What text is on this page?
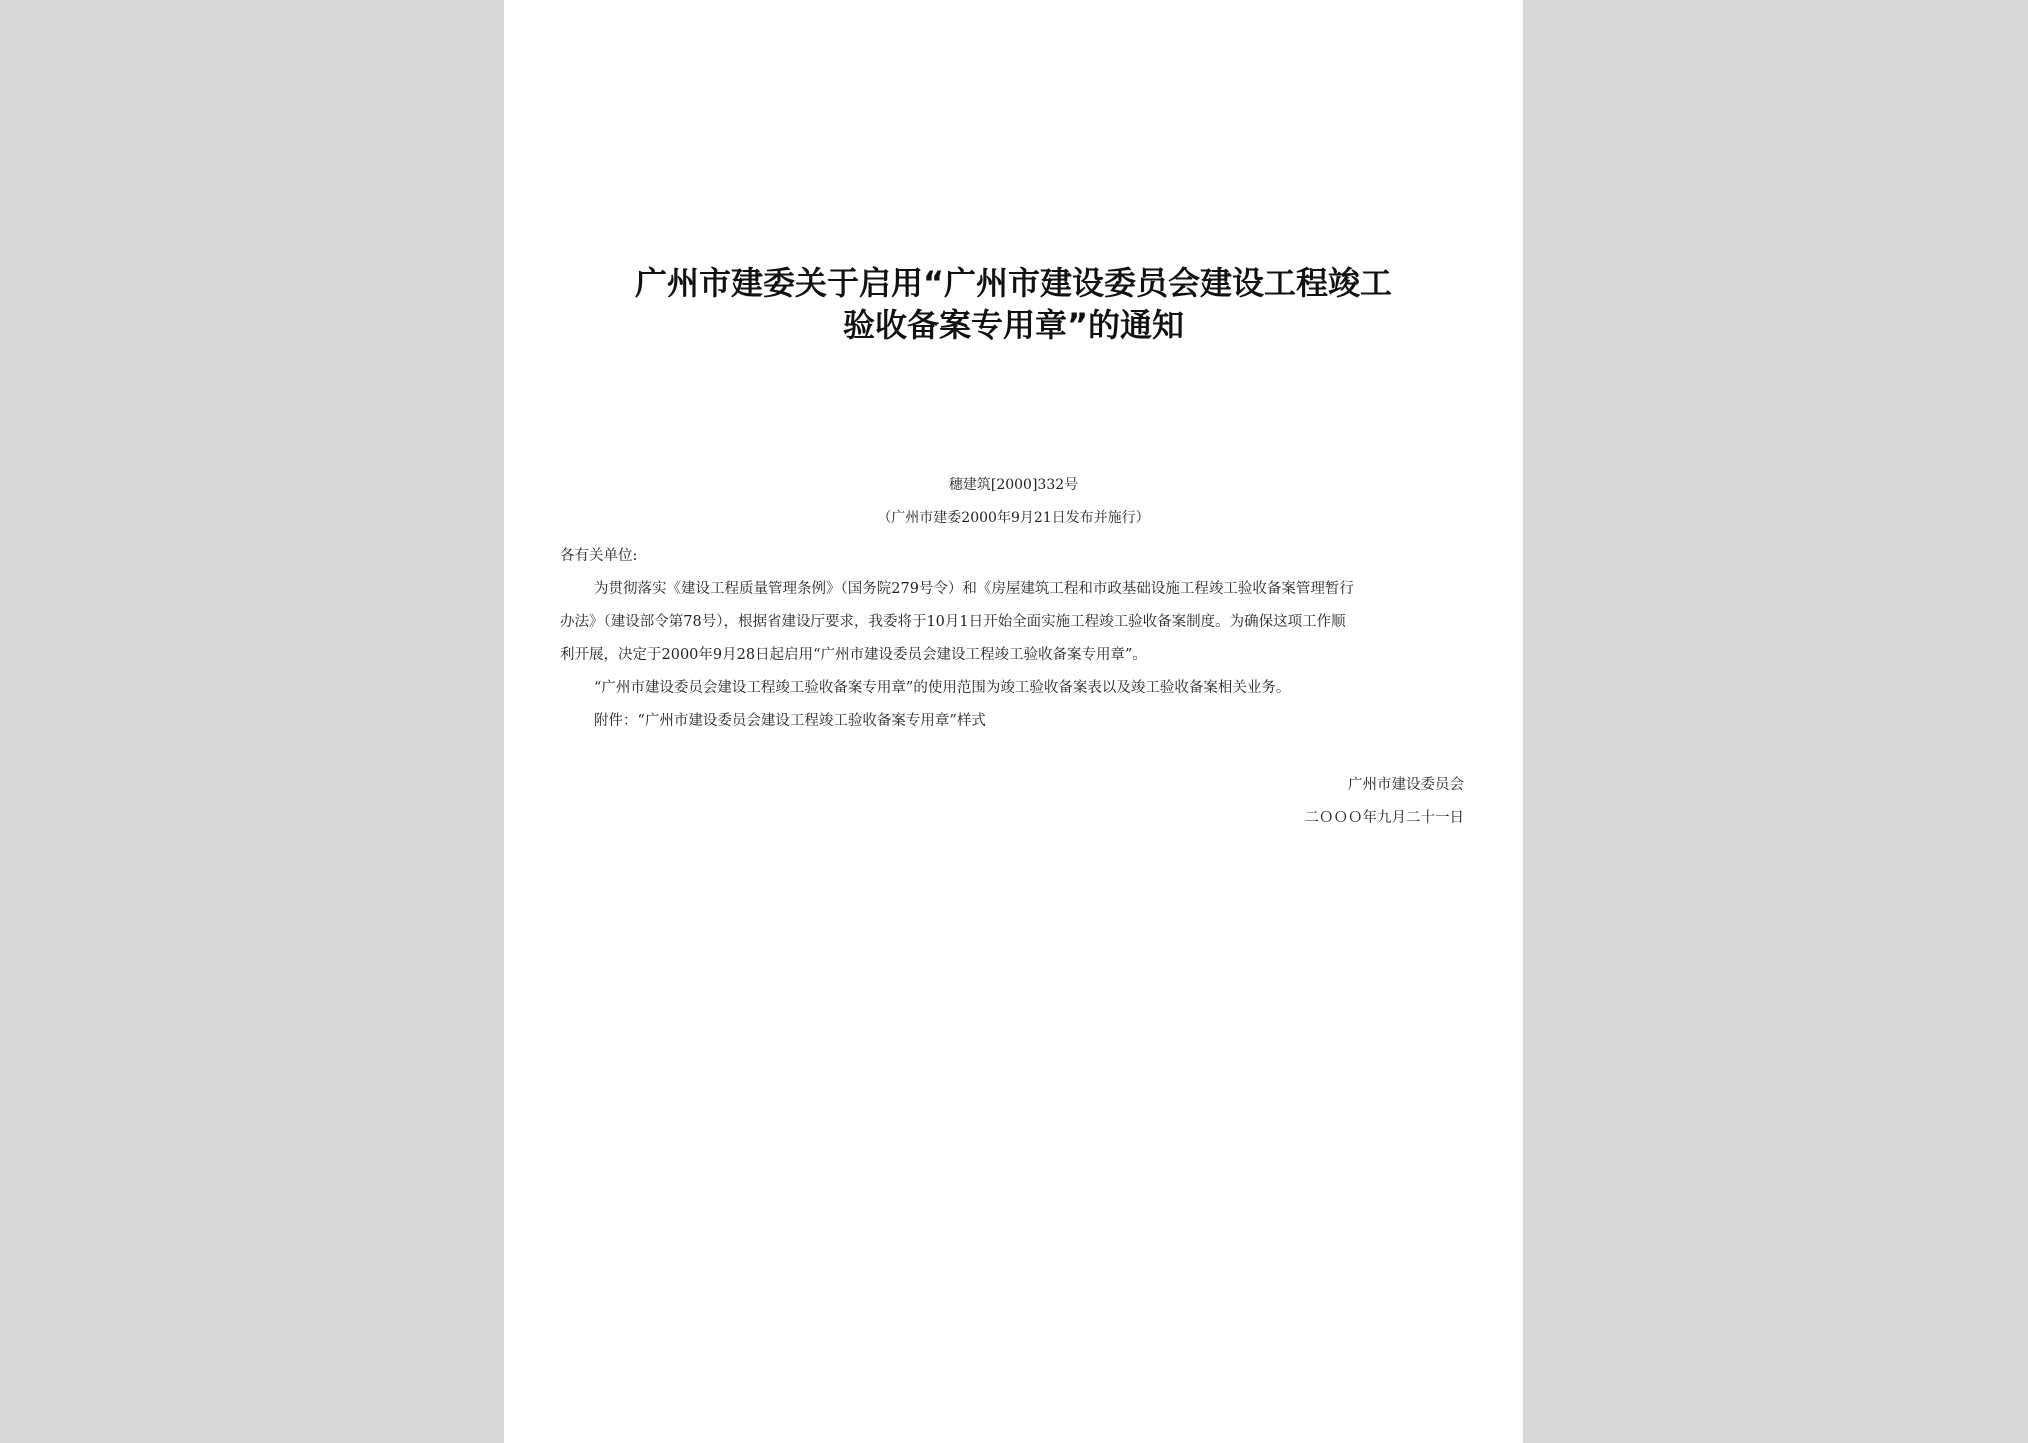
广州市建委关于启用“广州市建设委员会建设工程竣工
验收备案专用章”的通知
穗建筑[2000]332号
（广州市建委2000年9月21日发布并施行）

各有关单位:

为贯彻落实《建设工程质量管理条例》（国务院279号令）和《房屋建筑工程和市政基础设施工程竣工验收备案管理暂行

办法》（建设部令第78号），根据省建设厅要求，我委将于10月1日开始全面实施工程竣工验收备案制度。为确保这项工作顺

利开展，决定于2000年9月28日起启用“广州市建设委员会建设工程竣工验收备案专用章”。

“广州市建设委员会建设工程竣工验收备案专用章”的使用范围为竣工验收备案表以及竣工验收备案相关业务。

附件：“广州市建设委员会建设工程竣工验收备案专用章”样式

广州市建设委员会
二ＯＯＯ年九月二十一日
